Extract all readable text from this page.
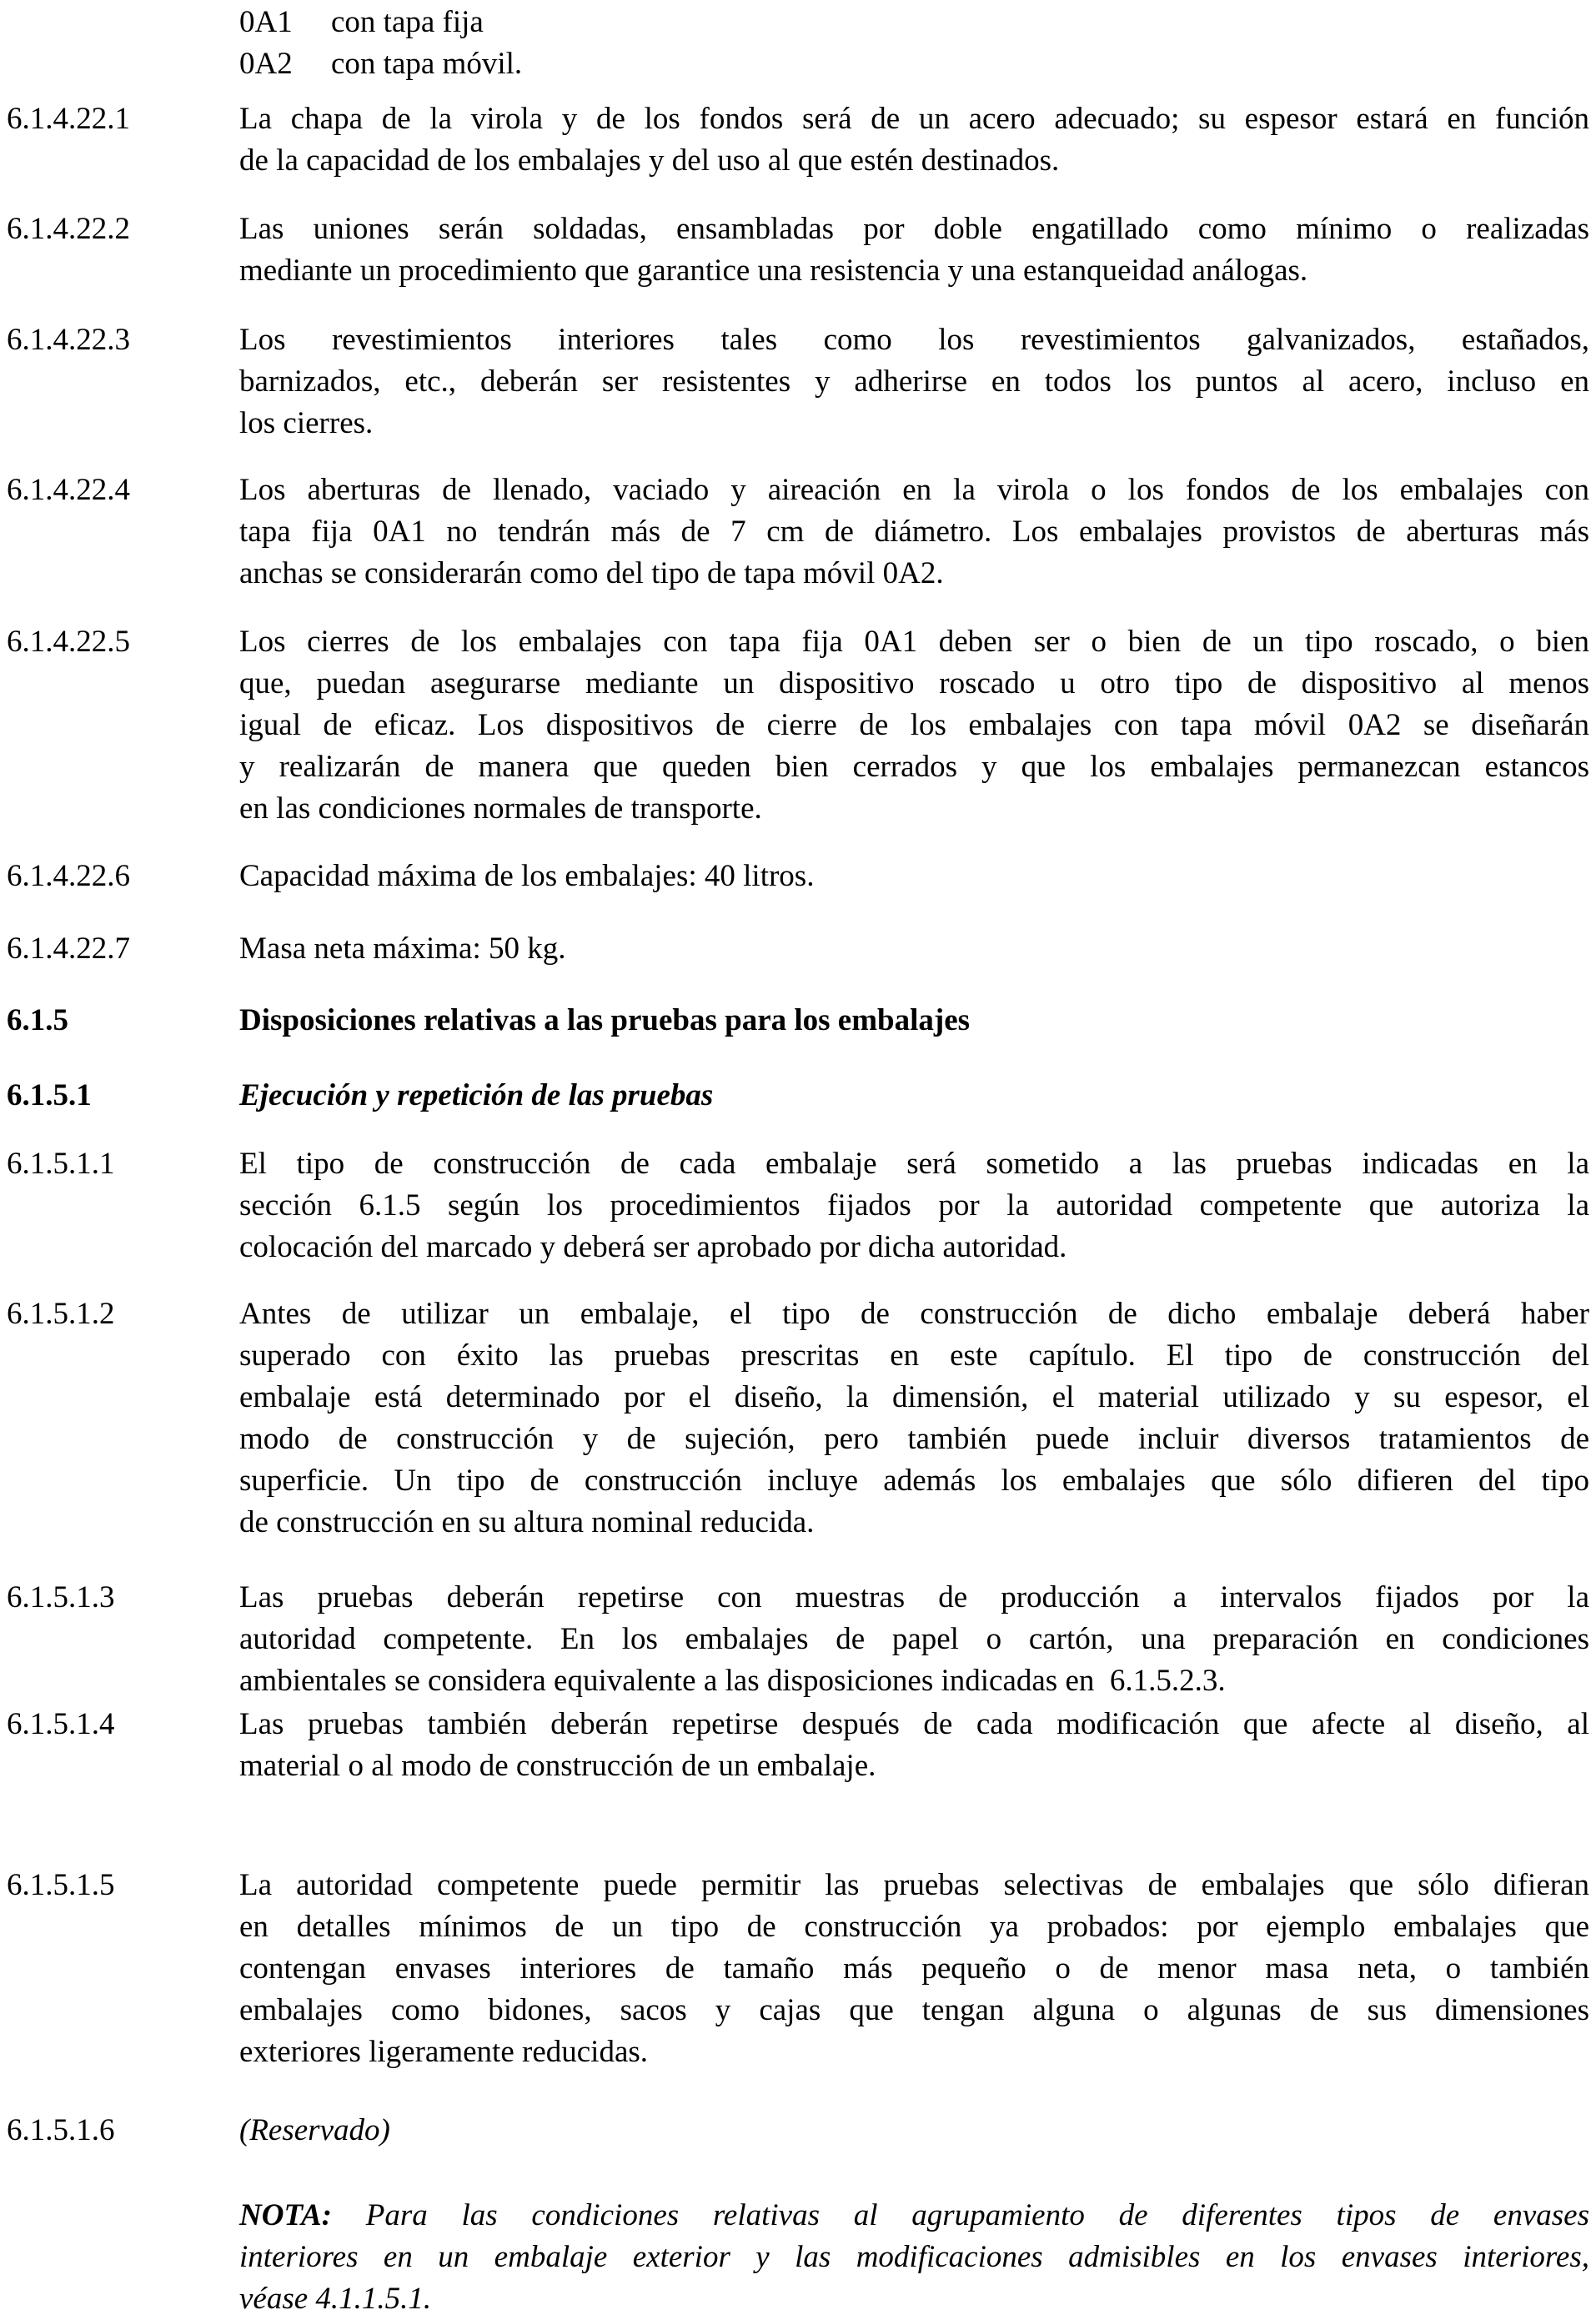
0A1 con tapa fija
0A2 con tapa móvil.
6.1.4.22.1	La chapa de la virola y de los fondos será de un acero adecuado; su espesor estará en función
de la capacidad de los embalajes y del uso al que estén destinados.
6.1.4.22.2	Las uniones serán soldadas, ensambladas por doble engatillado como mínimo o realizadas
mediante un procedimiento que garantice una resistencia y una estanqueidad análogas.
6.1.4.22.3	Los revestimientos interiores tales como los revestimientos galvanizados, estañados,
barnizados, etc., deberán ser resistentes y adherirse en todos los puntos al acero, incluso en
los cierres.
6.1.4.22.4	Los aberturas de llenado, vaciado y aireación en la virola o los fondos de los embalajes con
tapa fija 0A1 no tendrán más de 7 cm de diámetro. Los embalajes provistos de aberturas más
anchas se considerarán como del tipo de tapa móvil 0A2.
6.1.4.22.5	Los cierres de los embalajes con tapa fija 0A1 deben ser o bien de un tipo roscado, o bien
que, puedan asegurarse mediante un dispositivo roscado u otro tipo de dispositivo al menos
igual de eficaz. Los dispositivos de cierre de los embalajes con tapa móvil 0A2 se diseñarán
y realizarán de manera que queden bien cerrados y que los embalajes permanezcan estancos
en las condiciones normales de transporte.
6.1.4.22.6	Capacidad máxima de los embalajes: 40 litros.
6.1.4.22.7	Masa neta máxima: 50 kg.
6.1.5	Disposiciones relativas a las pruebas para los embalajes
6.1.5.1	Ejecución y repetición de las pruebas
6.1.5.1.1	El tipo de construcción de cada embalaje será sometido a las pruebas indicadas en la
sección 6.1.5 según los procedimientos fijados por la autoridad competente que autoriza la
colocación del marcado y deberá ser aprobado por dicha autoridad.
6.1.5.1.2	Antes de utilizar un embalaje, el tipo de construcción de dicho embalaje deberá haber
superado con éxito las pruebas prescritas en este capítulo. El tipo de construcción del
embalaje está determinado por el diseño, la dimensión, el material utilizado y su espesor, el
modo de construcción y de sujeción, pero también puede incluir diversos tratamientos de
superficie. Un tipo de construcción incluye además los embalajes que sólo difieren del tipo
de construcción en su altura nominal reducida.
6.1.5.1.3	Las pruebas deberán repetirse con muestras de producción a intervalos fijados por la
autoridad competente. En los embalajes de papel o cartón, una preparación en condiciones
ambientales se considera equivalente a las disposiciones indicadas en  6.1.5.2.3.
6.1.5.1.4	Las pruebas también deberán repetirse después de cada modificación que afecte al diseño, al
material o al modo de construcción de un embalaje.
6.1.5.1.5	La autoridad competente puede permitir las pruebas selectivas de embalajes que sólo difieran
en detalles mínimos de un tipo de construcción ya probados: por ejemplo embalajes que
contengan envases interiores de tamaño más pequeño o de menor masa neta, o también
embalajes como bidones, sacos y cajas que tengan alguna o algunas de sus dimensiones
exteriores ligeramente reducidas.
6.1.5.1.6	(Reservado)
NOTA: Para las condiciones relativas al agrupamiento de diferentes tipos de envases
interiores en un embalaje exterior y las modificaciones admisibles en los envases interiores,
véase 4.1.1.5.1.
